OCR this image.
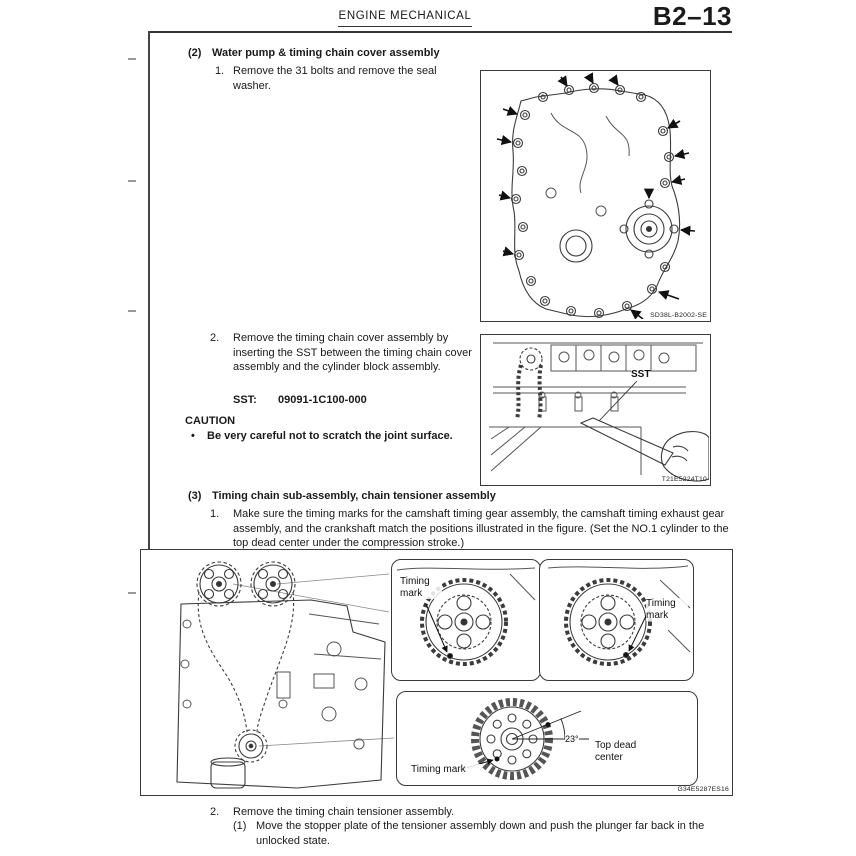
ENGINE MECHANICAL	B2–13
(2) Water pump & timing chain cover assembly
1. Remove the 31 bolts and remove the seal washer.
SD38L-B2002-SE
2. Remove the timing chain cover assembly by inserting the SST between the timing chain cover assembly and the cylinder block assembly.
SST: 09091-1C100-000
CAUTION
• Be very careful not to scratch the joint surface.
SST
T21E5224T10
(3) Timing chain sub-assembly, chain tensioner assembly
1. Make sure the timing marks for the camshaft timing gear assembly, the camshaft timing exhaust gear assembly, and the crankshaft match the positions illustrated in the figure. (Set the NO.1 cylinder to the top dead center under the compression stroke.)
Timing mark
Timing mark
23°
Top dead center
Timing mark
G34E5287ES16
2. Remove the timing chain tensioner assembly.
(1) Move the stopper plate of the tensioner assembly down and push the plunger far back in the unlocked state.
